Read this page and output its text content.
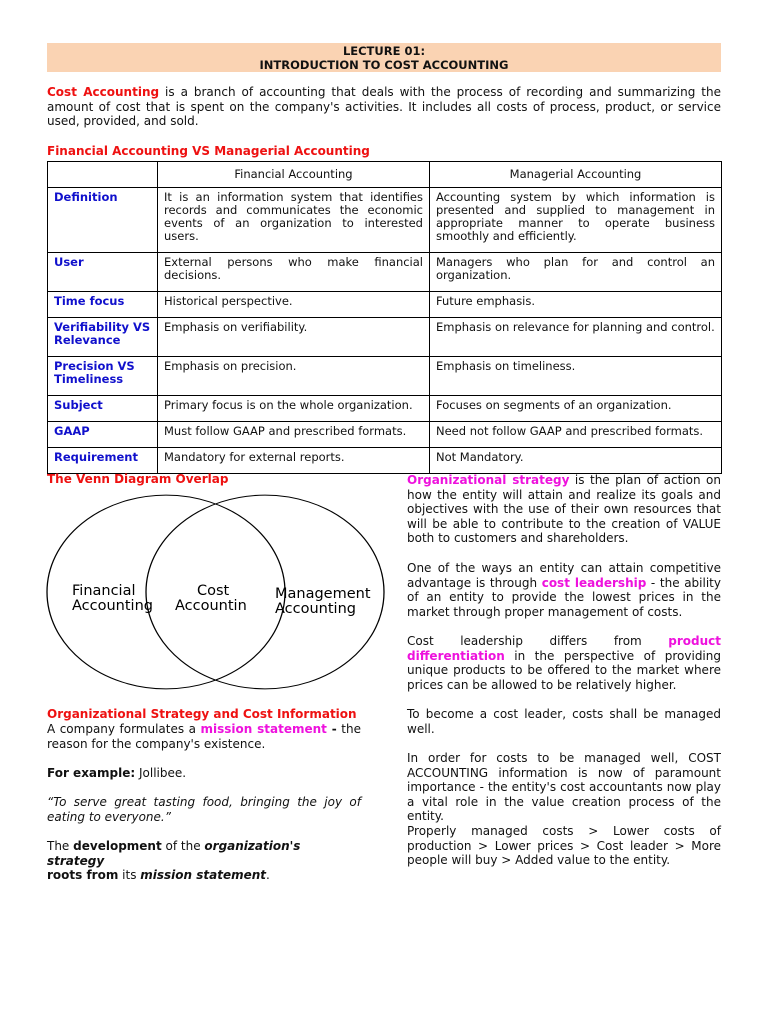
LECTURE 01:
INTRODUCTION TO COST ACCOUNTING
Cost Accounting is a branch of accounting that deals with the process of recording and summarizing the amount of cost that is spent on the company's activities. It includes all costs of process, product, or service used, provided, and sold.
Financial Accounting VS Managerial Accounting
	Financial Accounting	Managerial Accounting
Definition	It is an information system that identifies records and communicates the economic events of an organization to interested users.	Accounting system by which information is presented and supplied to management in appropriate manner to operate business smoothly and efficiently.
User	External persons who make financial decisions.	Managers who plan for and control an organization.
Time focus	Historical perspective.	Future emphasis.
Verifiability VS Relevance	Emphasis on verifiability.	Emphasis on relevance for planning and control.
Precision VS Timeliness	Emphasis on precision.	Emphasis on timeliness.
Subject	Primary focus is on the whole organization.	Focuses on segments of an organization.
GAAP	Must follow GAAP and prescribed formats.	Need not follow GAAP and prescribed formats.
Requirement	Mandatory for external reports.	Not Mandatory.
The Venn Diagram Overlap
Financial
Accounting
Cost
Accountin
Management
Accounting
Organizational Strategy and Cost Information
A company formulates a mission statement - the reason for the company's existence.
For example: Jollibee.
“To serve great tasting food, bringing the joy of eating to everyone.”
The development of the organization's strategy
roots from its mission statement.
Organizational strategy is the plan of action on how the entity will attain and realize its goals and objectives with the use of their own resources that will be able to contribute to the creation of VALUE both to customers and shareholders.
One of the ways an entity can attain competitive advantage is through cost leadership - the ability of an entity to provide the lowest prices in the market through proper management of costs.
Cost leadership differs from product differentiation in the perspective of providing unique products to be offered to the market where prices can be allowed to be relatively higher.
To become a cost leader, costs shall be managed well.
In order for costs to be managed well, COST ACCOUNTING information is now of paramount importance - the entity's cost accountants now play a vital role in the value creation process of the entity.
Properly managed costs > Lower costs of production > Lower prices > Cost leader > More people will buy > Added value to the entity.
